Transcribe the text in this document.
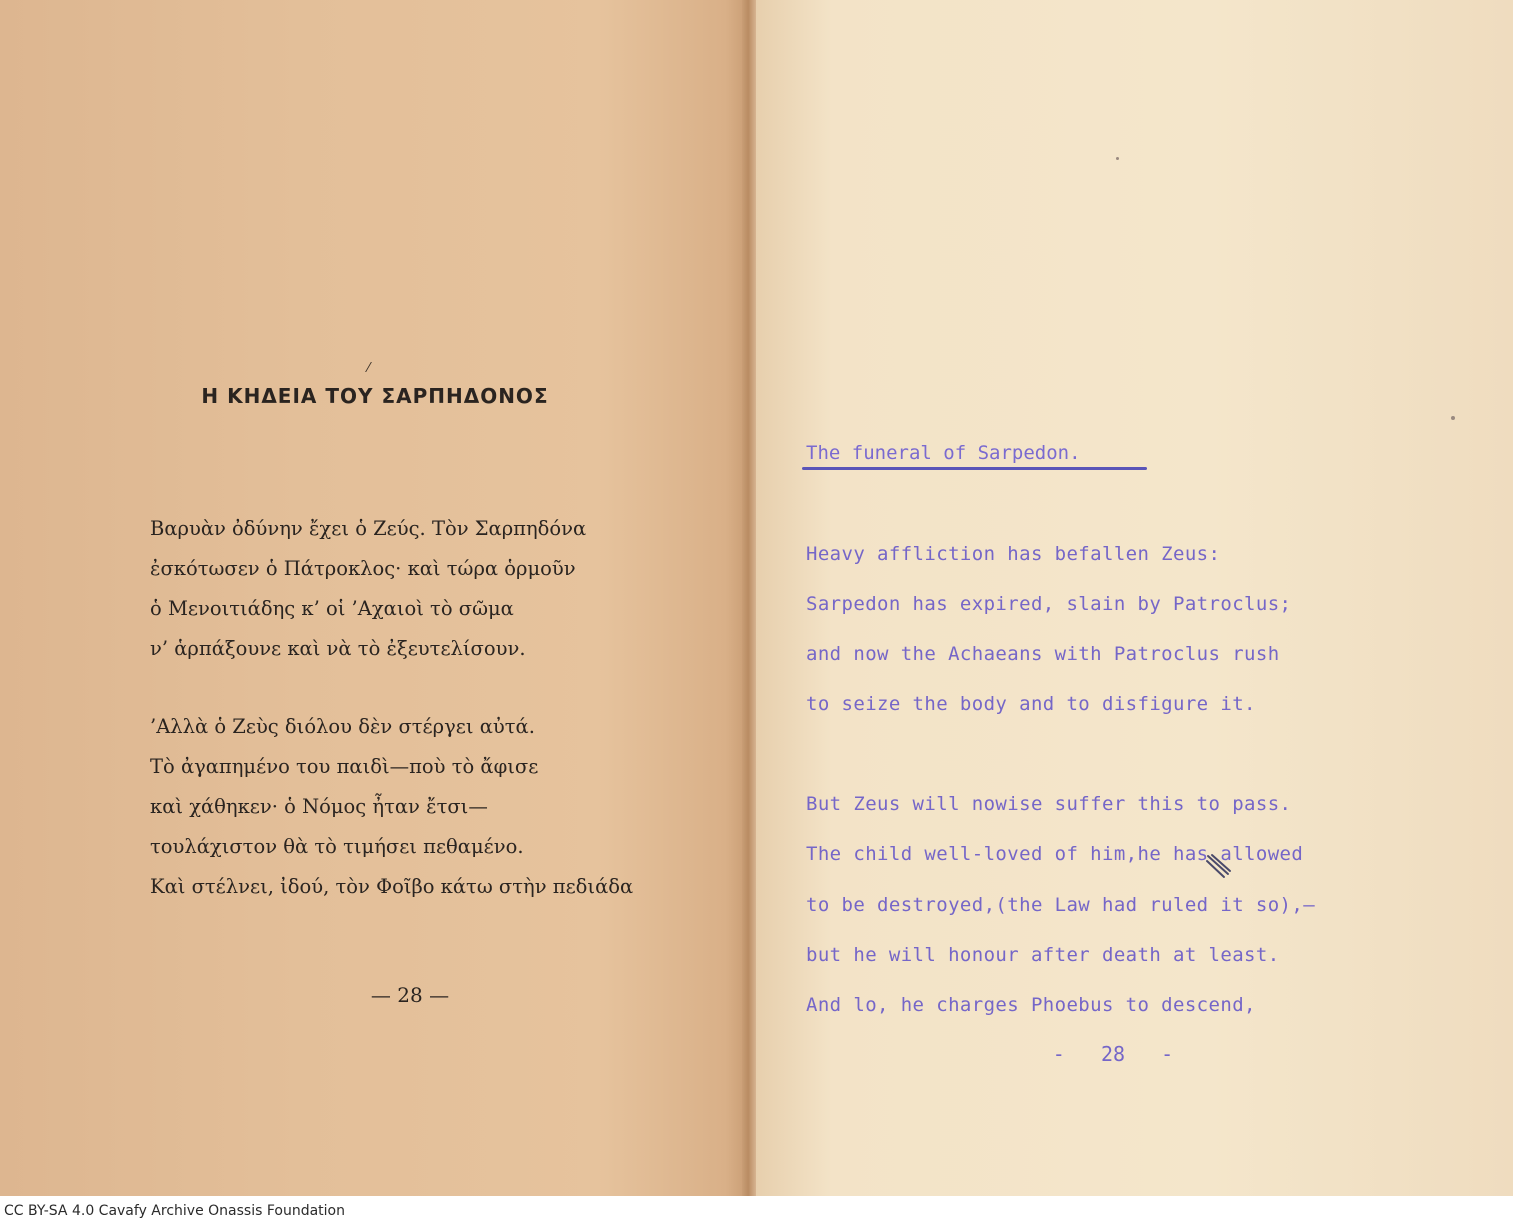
Η ΚΗΔΕΙΑ ΤΟΥ ΣΑΡΠΗΔΟΝΟΣ
Βαρυὰν ὀδύνην ἔχει ὁ Ζεύς. Τὸν Σαρπηδόνα
ἐσκότωσεν ὁ Πάτροκλος· καὶ τώρα ὁρμοῦν
ὁ Μενοιτιάδης κ’ οἱ ’Αχαιοὶ τὸ σῶμα
ν’ ἁρπάξουνε καὶ νὰ τὸ ἐξευτελίσουν.
’Αλλὰ ὁ Ζεὺς διόλου δὲν στέργει αὐτά.
Τὸ ἀγαπημένο του παιδὶ—ποὺ τὸ ἄφισε
καὶ χάθηκεν· ὁ Νόμος ἦταν ἔτσι—
τουλάχιστον θὰ τὸ τιμήσει πεθαμένο.
Καὶ στέλνει, ἰδού, τὸν Φοῖβο κάτω στὴν πεδιάδα
— 28 —
The funeral of Sarpedon.
Heavy affliction has befallen Zeus:
Sarpedon has expired, slain by Patroclus;
and now the Achaeans with Patroclus rush
to seize the body and to disfigure it.
But Zeus will nowise suffer this to pass.
The child well-loved of him,he has allowed
to be destroyed,(the Law had ruled it so),—
but he will honour after death at least.
And lo, he charges Phoebus to descend,
-   28   -
CC BY-SA 4.0 Cavafy Archive Onassis Foundation
